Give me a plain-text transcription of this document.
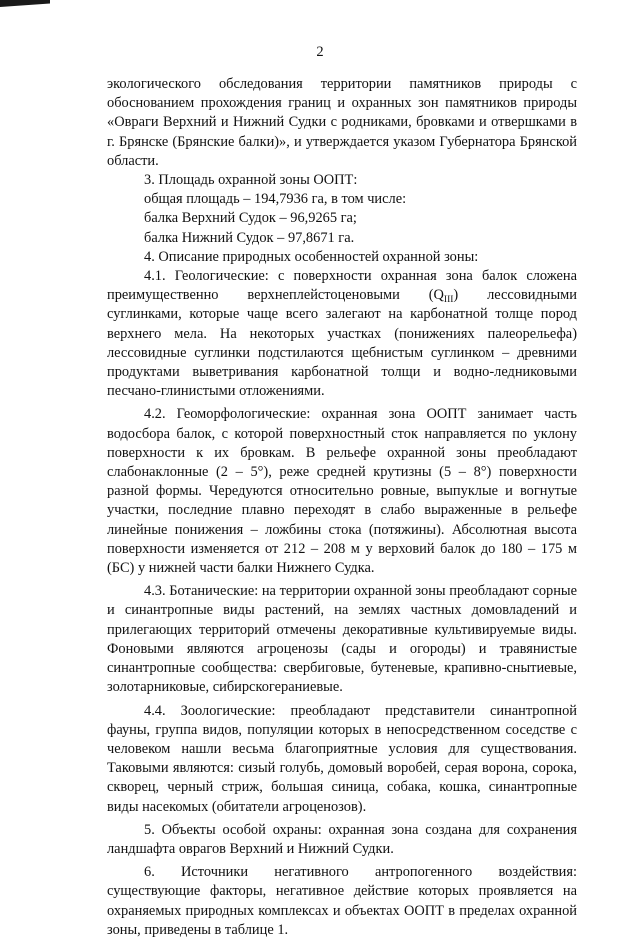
2

экологического обследования территории памятников природы с обоснованием прохождения границ и охранных зон памятников природы «Овраги Верхний и Нижний Судки с родниками, бровками и отвершками в г. Брянске (Брянские балки)», и утверждается указом Губернатора Брянской области.

3. Площадь охранной зоны ООПТ:

общая площадь – 194,7936 га, в том числе:

балка Верхний Судок – 96,9265 га;

балка Нижний Судок – 97,8671 га.

4. Описание природных особенностей охранной зоны:

4.1. Геологические: с поверхности охранная зона балок сложена преимущественно верхнеплейстоценовыми $(Q_{III})$ лессовидными суглинками, которые чаще всего залегают на карбонатной толще пород верхнего мела. На некоторых участках (понижениях палеорельефа) лессовидные суглинки подстилаются щебнистым суглинком – древними продуктами выветривания карбонатной толщи и водно-ледниковыми песчано-глинистыми отложениями.

4.2. Геоморфологические: охранная зона ООПТ занимает часть водосбора балок, с которой поверхностный сток направляется по уклону поверхности к их бровкам. В рельефе охранной зоны преобладают слабонаклонные (2 – 5°), реже средней крутизны (5 – 8°) поверхности разной формы. Чередуются относительно ровные, выпуклые и вогнутые участки, последние плавно переходят в слабо выраженные в рельефе линейные понижения – ложбины стока (потяжины). Абсолютная высота поверхности изменяется от 212 – 208 м у верховий балок до 180 – 175 м (БС) у нижней части балки Нижнего Судка.

4.3. Ботанические: на территории охранной зоны преобладают сорные и синантропные виды растений, на землях частных домовладений и прилегающих территорий отмечены декоративные культивируемые виды. Фоновыми являются агроценозы (сады и огороды) и травянистые синантропные сообщества: свербиговые, бутеневые, крапивно-снытиевые, золотарниковые, сибирскогераниевые.

4.4. Зоологические: преобладают представители синантропной фауны, группа видов, популяции которых в непосредственном соседстве с человеком нашли весьма благоприятные условия для существования. Таковыми являются: сизый голубь, домовый воробей, серая ворона, сорока, скворец, черный стриж, большая синица, собака, кошка, синантропные виды насекомых (обитатели агроценозов).

5. Объекты особой охраны: охранная зона создана для сохранения ландшафта оврагов Верхний и Нижний Судки.

6. Источники негативного антропогенного воздействия: существующие факторы, негативное действие которых проявляется на охраняемых природных комплексах и объектах ООПТ в пределах охранной зоны, приведены в таблице 1.
